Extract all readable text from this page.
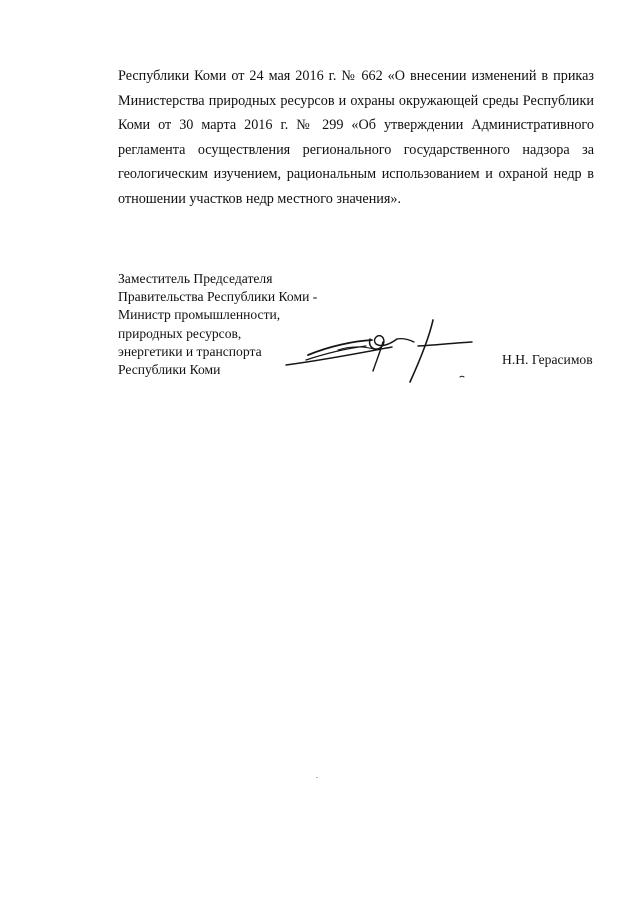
Республики Коми от 24 мая 2016 г. № 662 «О внесении изменений в приказ Министерства природных ресурсов и охраны окружающей среды Республики Коми от 30 марта 2016 г. № 299 «Об утверждении Административного регламента осуществления регионального государственного надзора за геологическим изучением, рациональным использованием и охраной недр в отношении участков недр местного значения».

Заместитель Председателя
Правительства Республики Коми -
Министр промышленности,
природных ресурсов,
энергетики и транспорта
Республики Коми

Н.Н. Герасимов
